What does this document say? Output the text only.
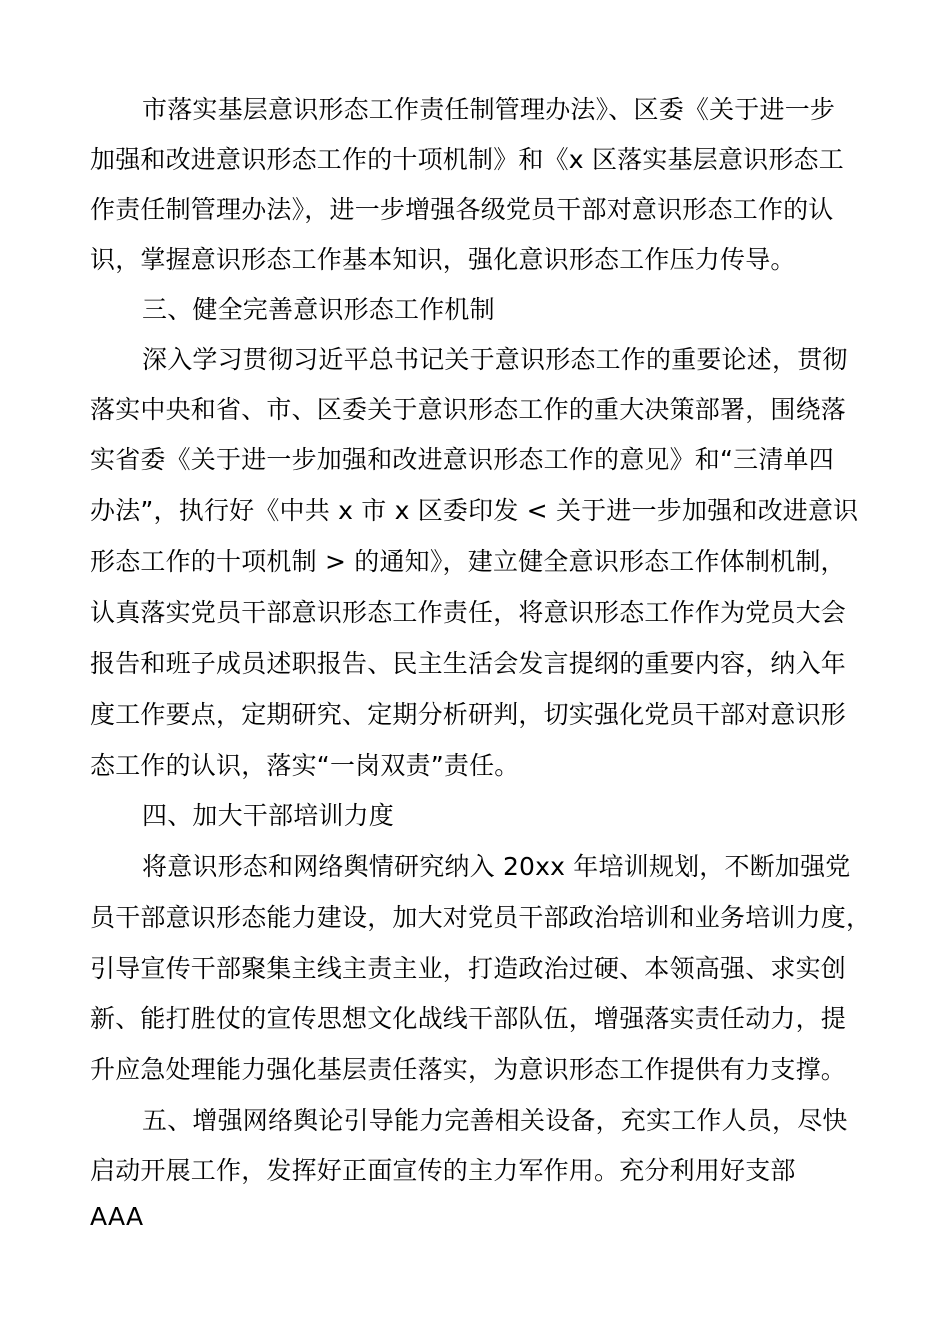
市落实基层意识形态工作责任制管理办法》、区委《关于进一步
加强和改进意识形态工作的十项机制》和《x 区落实基层意识形态工
作责任制管理办法》，进一步增强各级党员干部对意识形态工作的认
识，掌握意识形态工作基本知识，强化意识形态工作压力传导。
三、健全完善意识形态工作机制
深入学习贯彻习近平总书记关于意识形态工作的重要论述，贯彻
落实中央和省、市、区委关于意识形态工作的重大决策部署，围绕落
实省委《关于进一步加强和改进意识形态工作的意见》和“三清单四
办法”，执行好《中共 x 市 x 区委印发 < 关于进一步加强和改进意识
形态工作的十项机制 > 的通知》，建立健全意识形态工作体制机制，
认真落实党员干部意识形态工作责任，将意识形态工作作为党员大会
报告和班子成员述职报告、民主生活会发言提纲的重要内容，纳入年
度工作要点，定期研究、定期分析研判，切实强化党员干部对意识形
态工作的认识，落实“一岗双责”责任。
四、加大干部培训力度
将意识形态和网络舆情研究纳入 20xx 年培训规划，不断加强党
员干部意识形态能力建设，加大对党员干部政治培训和业务培训力度，
引导宣传干部聚集主线主责主业，打造政治过硬、本领高强、求实创
新、能打胜仗的宣传思想文化战线干部队伍，增强落实责任动力，提
升应急处理能力强化基层责任落实，为意识形态工作提供有力支撑。
五、增强网络舆论引导能力完善相关设备，充实工作人员，尽快
启动开展工作，发挥好正面宣传的主力军作用。充分利用好支部
AAA
